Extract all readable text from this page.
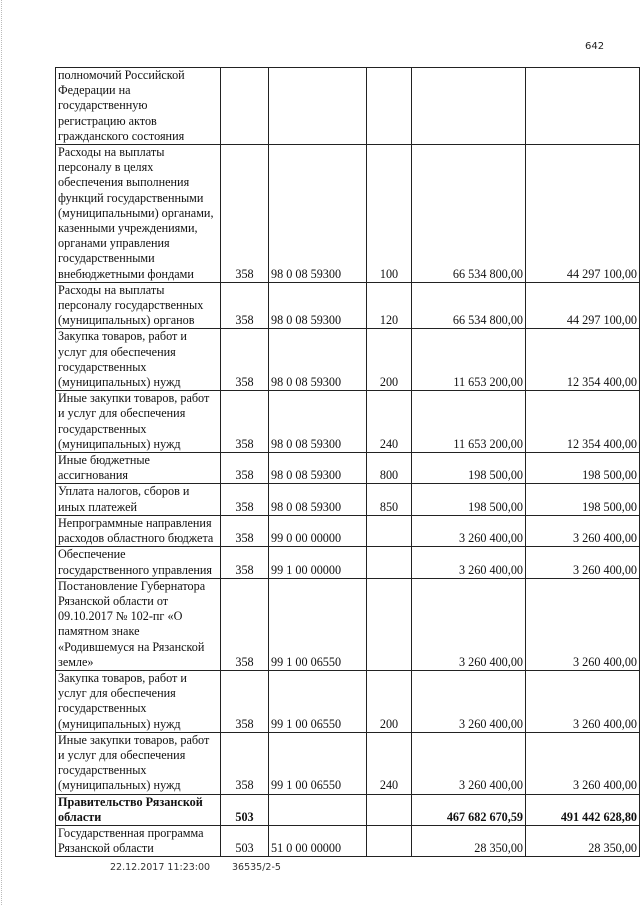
642
полномочий Российской Федерации на государственную регистрацию актов гражданского состояния					
Расходы на выплаты персоналу в целях обеспечения выполнения функций государственными (муниципальными) органами, казенными учреждениями, органами управления государственными внебюджетными фондами	358	98 0 08 59300	100	66 534 800,00	44 297 100,00
Расходы на выплаты персоналу государственных (муниципальных) органов	358	98 0 08 59300	120	66 534 800,00	44 297 100,00
Закупка товаров, работ и услуг для обеспечения государственных (муниципальных) нужд	358	98 0 08 59300	200	11 653 200,00	12 354 400,00
Иные закупки товаров, работ и услуг для обеспечения государственных (муниципальных) нужд	358	98 0 08 59300	240	11 653 200,00	12 354 400,00
Иные бюджетные ассигнования	358	98 0 08 59300	800	198 500,00	198 500,00
Уплата налогов, сборов и иных платежей	358	98 0 08 59300	850	198 500,00	198 500,00
Непрограммные направления расходов областного бюджета	358	99 0 00 00000		3 260 400,00	3 260 400,00
Обеспечение государственного управления	358	99 1 00 00000		3 260 400,00	3 260 400,00
Постановление Губернатора Рязанской области от 09.10.2017 № 102-пг «О памятном знаке «Родившемуся на Рязанской земле»	358	99 1 00 06550		3 260 400,00	3 260 400,00
Закупка товаров, работ и услуг для обеспечения государственных (муниципальных) нужд	358	99 1 00 06550	200	3 260 400,00	3 260 400,00
Иные закупки товаров, работ и услуг для обеспечения государственных (муниципальных) нужд	358	99 1 00 06550	240	3 260 400,00	3 260 400,00
Правительство Рязанской области	503			467 682 670,59	491 442 628,80
Государственная программа Рязанской области	503	51 0 00 00000		28 350,00	28 350,00
22.12.2017 11:23:00 36535/2-5
